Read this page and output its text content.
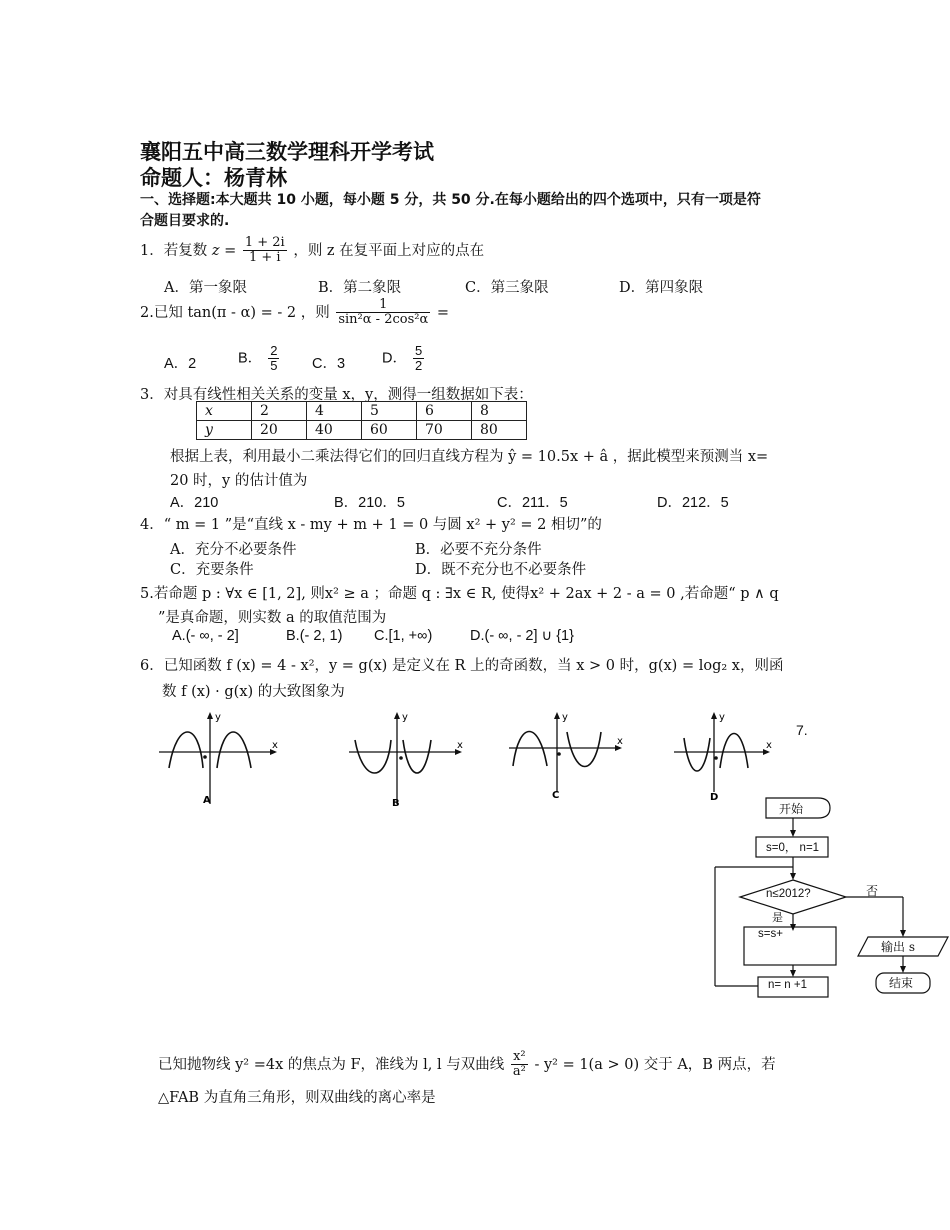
襄阳五中高三数学理科开学考试
命题人：杨青林
一、选择题:本大题共 10 小题，每小题 5 分，共 50 分.在每小题给出的四个选项中，只有一项是符
合题目要求的.
1．若复数 $z = \frac{1 + 2i}{1 + i}$ ，则 z 在复平面上对应的点在
A．第一象限	B．第二象限	C．第三象限	D．第四象限
2.已知 tan(π - α) = - 2 ，则 $\frac{1}{\text{sin²α - 2cos²α}}$ =
A．2	B． $\frac{2}{5}$ C．3	D． $\frac{5}{2}$
3．对具有线性相关关系的变量 x，y，测得一组数据如下表：
x	2	4	5	6	8
y	20	40	60	70	80
根据上表，利用最小二乘法得它们的回归直线方程为 ŷ = 10.5x + â ，据此模型来预测当 x=
20 时，y 的估计值为
A．210	B．210．5	C．211．5	D．212．5
4．“ m = 1 ”是“直线 x - my + m + 1 = 0 与圆 x² + y² = 2 相切”的
A．充分不必要条件	B．必要不充分条件
C．充要条件	D．既不充分也不必要条件
5.若命题 p : ∀x ∈ [1, 2], 则x² ≥ a ；命题 q : ∃x ∈ R, 使得x² + 2ax + 2 - a = 0 ,若命题“ p ∧ q
”是真命题，则实数 a 的取值范围为
A.(- ∞, - 2]	B.(- 2, 1) C.[1, +∞)	D.(- ∞, - 2] ∪ {1}
6．已知函数 f (x) = 4 - x²，y = g(x) 是定义在 R 上的奇函数，当 x > 0 时，g(x) = log₂ x，则函
数 f (x) · g(x) 的大致图象为
y
x
A
y
x
B
y
x
C
y
x
D
7.
开始
s=0， n=1
n≤2012?	否
是
s=s+
n= n +1
输出 s
结束
已知抛物线 y² =4x 的焦点为 F，准线为 l, l 与双曲线 $\frac{\text{x²}}{\text{a²}} - y^2 = 1(a > 0)$ 交于 A，B 两点，若
△FAB 为直角三角形，则双曲线的离心率是
